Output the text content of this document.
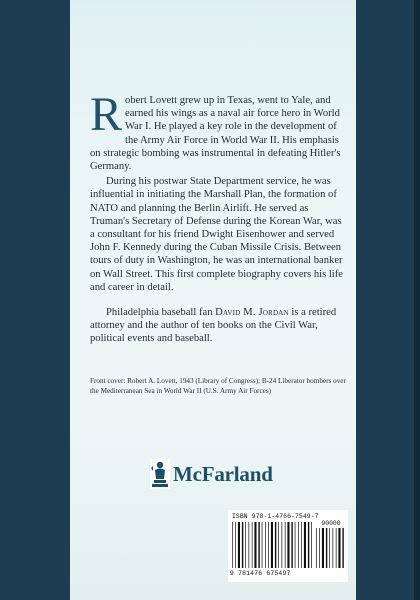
Robert Lovett grew up in Texas, went to Yale, and earned his wings as a naval air force hero in World War I. He played a key role in the development of the Army Air Force in World War II. His emphasis on strategic bombing was instrumental in defeating Hitler's Germany.

During his postwar State Department service, he was influential in initiating the Marshall Plan, the formation of NATO and planning the Berlin Airlift. He served as Truman's Secretary of Defense during the Korean War, was a consultant for his friend Dwight Eisenhower and served John F. Kennedy during the Cuban Missile Crisis. Between tours of duty in Washington, he was an international banker on Wall Street. This first complete biography covers his life and career in detail.

Philadelphia baseball fan David M. Jordan is a retired attorney and the author of ten books on the Civil War, political events and baseball.

Front cover: Robert A. Lovett, 1943 (Library of Congress); B-24 Liberator bombers over the Mediterranean Sea in World War II (U.S. Army Air Forces)
McFarland
ISBN 978-1-4766-7549-7
90000
9 781476 675497
